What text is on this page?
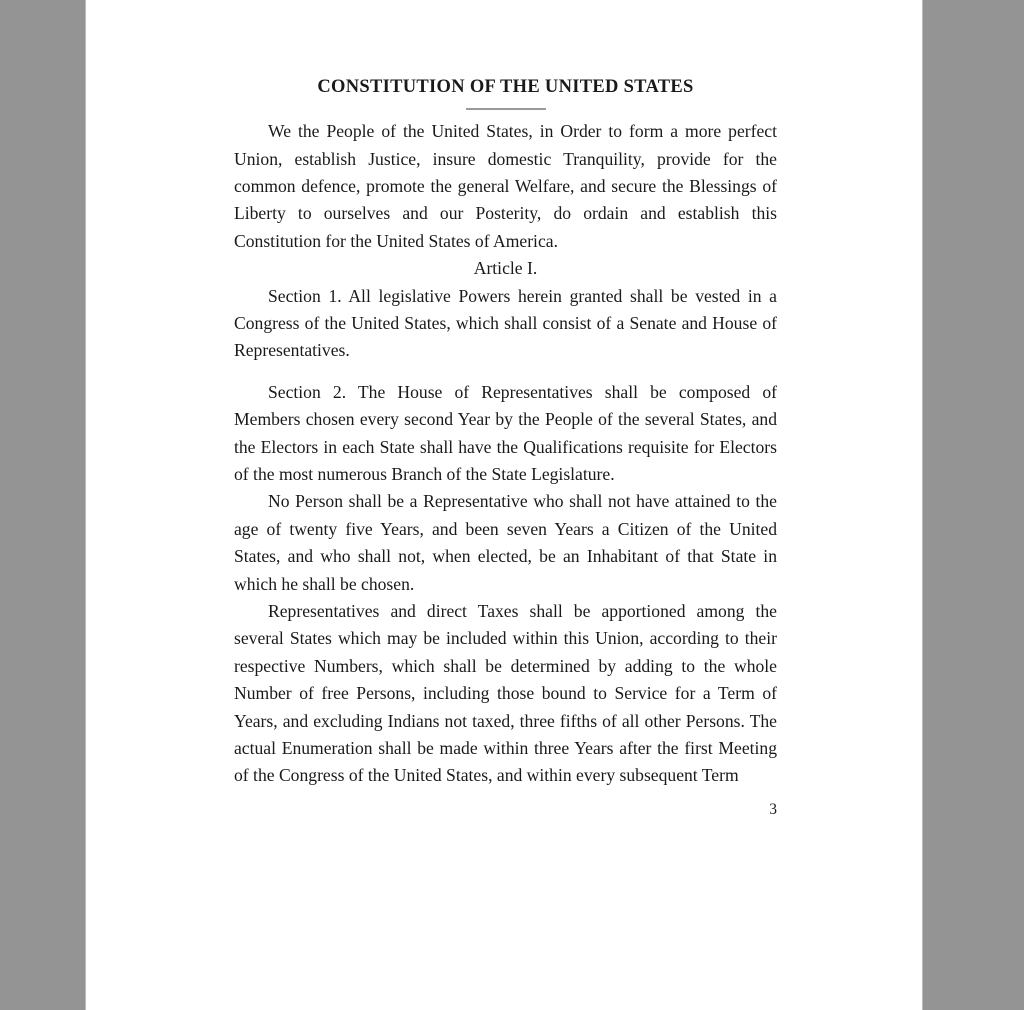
CONSTITUTION OF THE UNITED STATES

We the People of the United States, in Order to form a more perfect Union, establish Justice, insure domestic Tranquility, provide for the common defence, promote the general Welfare, and secure the Blessings of Liberty to ourselves and our Posterity, do ordain and establish this Constitution for the United States of America.

Article I.

Section 1. All legislative Powers herein granted shall be vested in a Congress of the United States, which shall consist of a Senate and House of Representatives.

Section 2. The House of Representatives shall be composed of Members chosen every second Year by the People of the several States, and the Electors in each State shall have the Qualifications requisite for Electors of the most numerous Branch of the State Legislature.

No Person shall be a Representative who shall not have attained to the age of twenty five Years, and been seven Years a Citizen of the United States, and who shall not, when elected, be an Inhabitant of that State in which he shall be chosen.

Representatives and direct Taxes shall be apportioned among the several States which may be included within this Union, according to their respective Numbers, which shall be determined by adding to the whole Number of free Persons, including those bound to Service for a Term of Years, and excluding Indians not taxed, three fifths of all other Persons. The actual Enumeration shall be made within three Years after the first Meeting of the Congress of the United States, and within every subsequent Term

3
